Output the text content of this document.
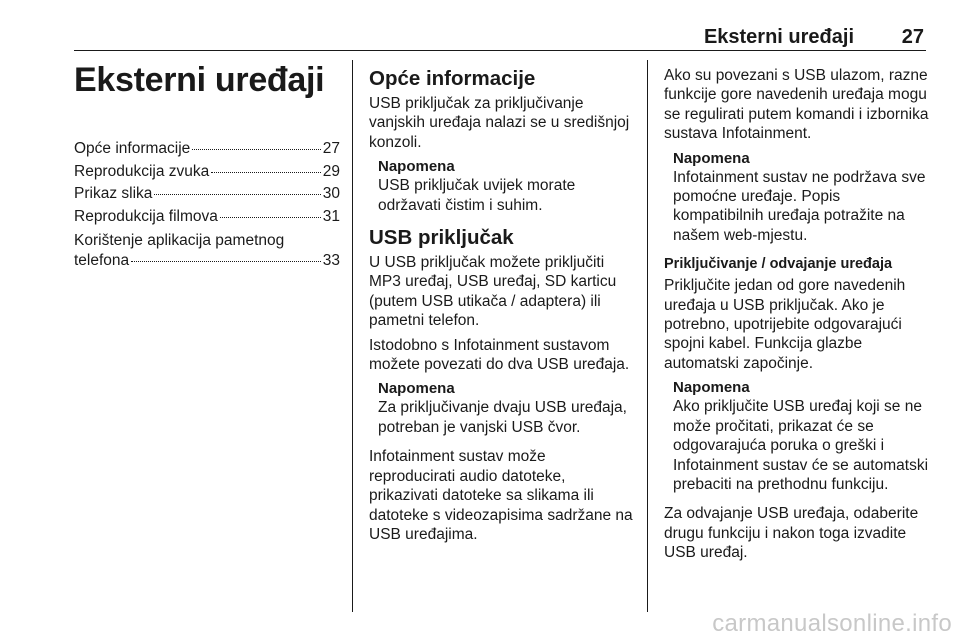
Eksterni uređaji 27
Eksterni uređaji
Opće informacije	27
Reprodukcija zvuka	29
Prikaz slika	30
Reprodukcija filmova	31
Korištenje aplikacija pametnog
telefona	33
Opće informacije

USB priključak za priključivanje vanjskih uređaja nalazi se u središnjoj konzoli.

Napomena
USB priključak uvijek morate održavati čistim i suhim.
USB priključak

U USB priključak možete priključiti MP3 uređaj, USB uređaj, SD karticu (putem USB utikača / adaptera) ili pametni telefon.

Istodobno s Infotainment sustavom možete povezati do dva USB uređaja.

Napomena
Za priključivanje dvaju USB uređaja, potreban je vanjski USB čvor.

Infotainment sustav može reproducirati audio datoteke, prikazivati datoteke sa slikama ili datoteke s videozapisima sadržane na USB uređajima.

Ako su povezani s USB ulazom, razne funkcije gore navedenih uređaja mogu se regulirati putem komandi i izbornika sustava Infotainment.

Napomena
Infotainment sustav ne podržava sve pomoćne uređaje. Popis kompatibilnih uređaja potražite na našem web-mjestu.
Priključivanje / odvajanje uređaja

Priključite jedan od gore navedenih uređaja u USB priključak. Ako je potrebno, upotrijebite odgovarajući spojni kabel. Funkcija glazbe automatski započinje.

Napomena
Ako priključite USB uređaj koji se ne može pročitati, prikazat će se odgovarajuća poruka o greški i Infotainment sustav će se automatski prebaciti na prethodnu funkciju.

Za odvajanje USB uređaja, odaberite drugu funkciju i nakon toga izvadite USB uređaj.

carmanualsonline.info
